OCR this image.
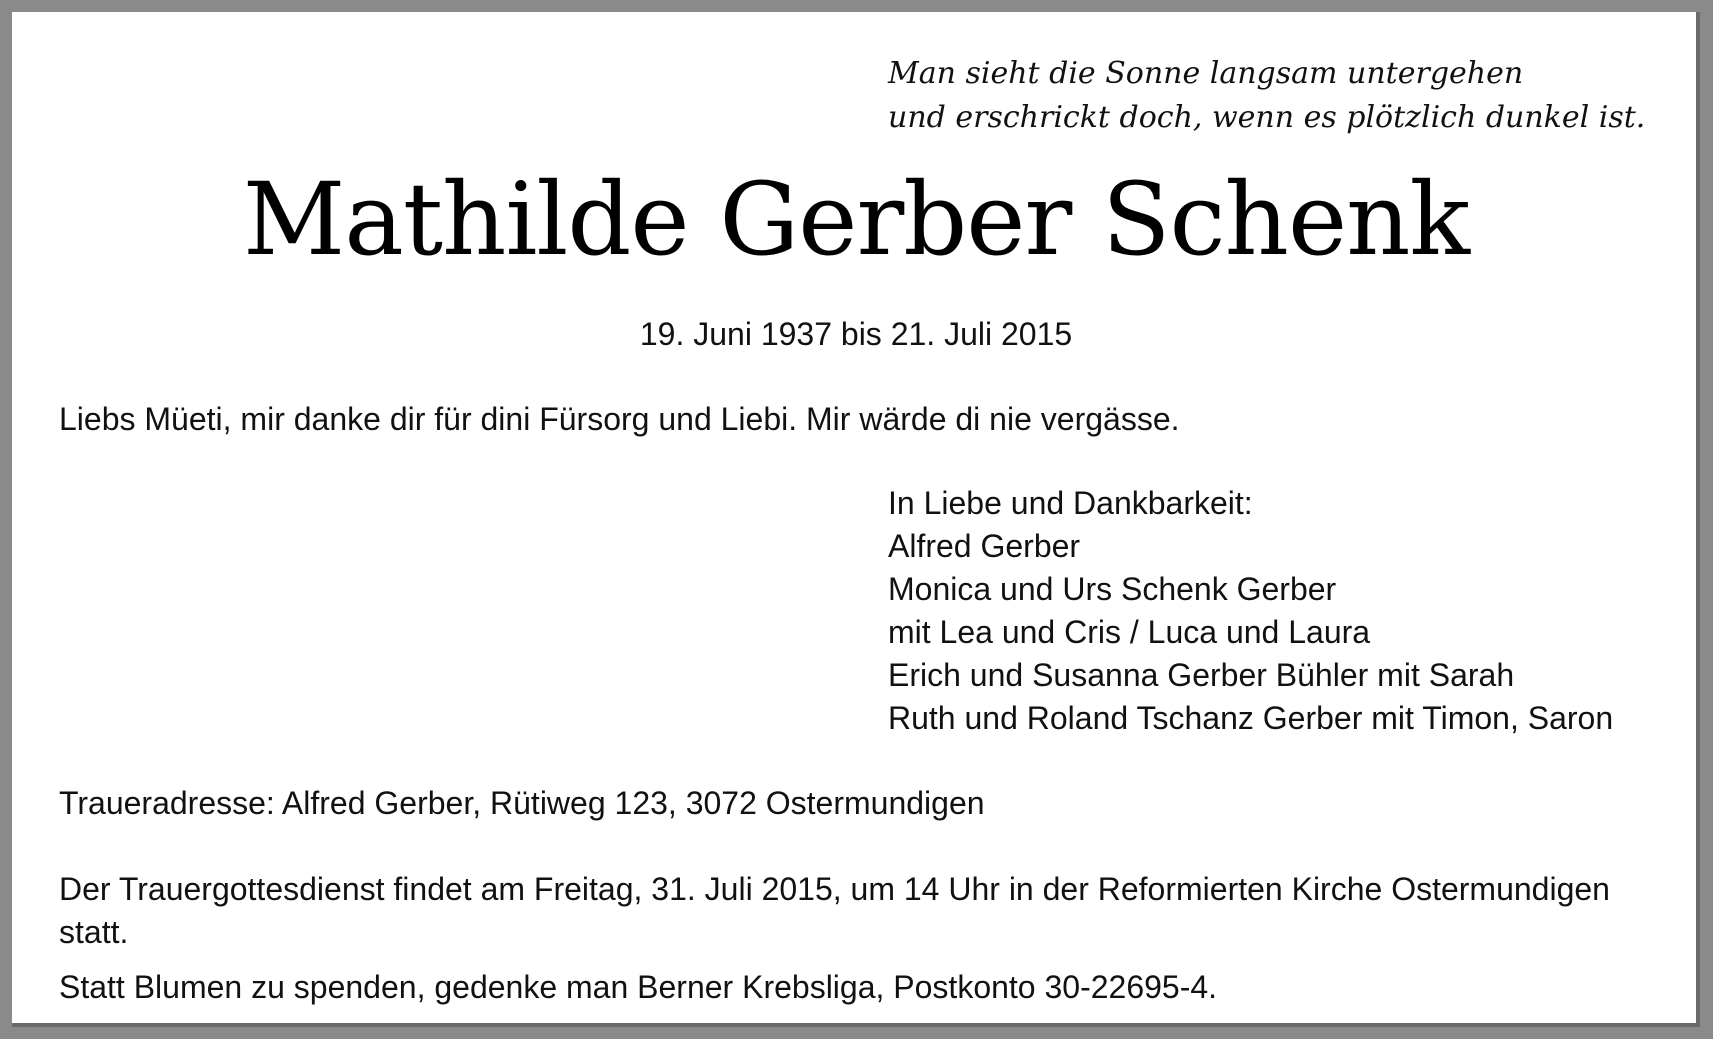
Man sieht die Sonne langsam untergehen
und erschrickt doch, wenn es plötzlich dunkel ist.
Mathilde Gerber Schenk
19. Juni 1937 bis 21. Juli 2015
Liebs Müeti, mir danke dir für dini Fürsorg und Liebi. Mir wärde di nie vergässe.
In Liebe und Dankbarkeit:
Alfred Gerber
Monica und Urs Schenk Gerber
mit Lea und Cris / Luca und Laura
Erich und Susanna Gerber Bühler mit Sarah
Ruth und Roland Tschanz Gerber mit Timon, Saron
Traueradresse: Alfred Gerber, Rütiweg 123, 3072 Ostermundigen
Der Trauergottesdienst findet am Freitag, 31. Juli 2015, um 14 Uhr in der Reformierten Kirche Ostermundigen statt.
Statt Blumen zu spenden, gedenke man Berner Krebsliga, Postkonto 30-22695-4.
